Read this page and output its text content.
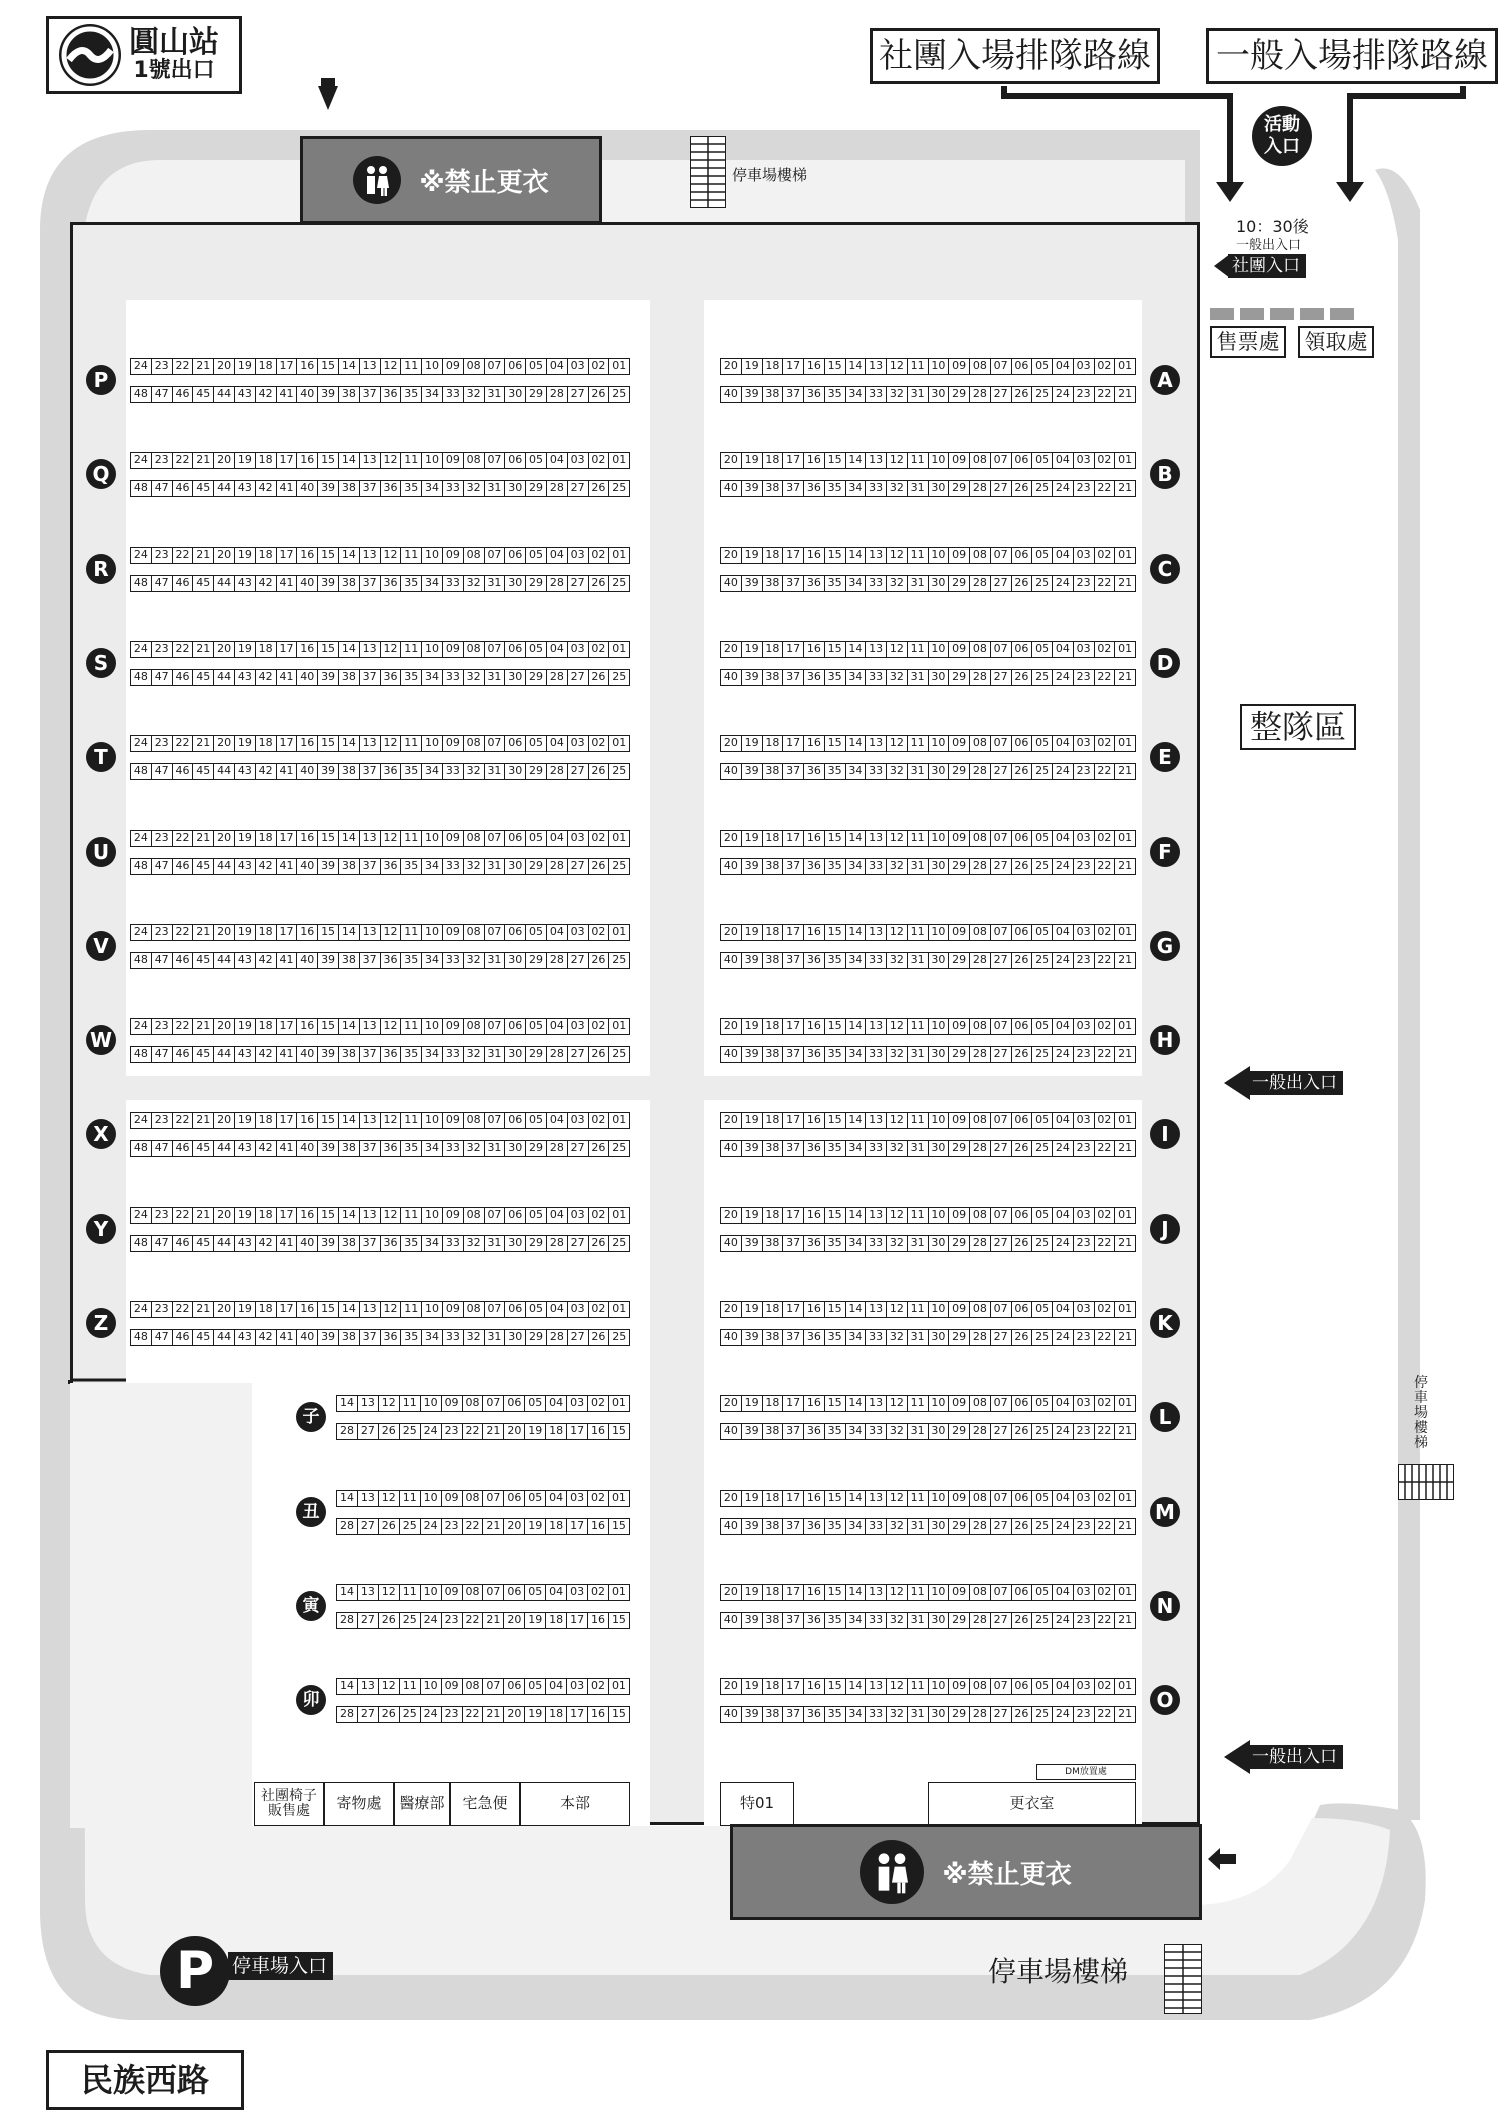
圓山站
1號出口	社團入場排隊路線 一般入場排隊路線
活動
入口
※禁止更衣	停車場樓梯
10：30後
一般出入口
社團入口
售票處	領取處
整隊區
一般出入口
一般出入口
停車場樓梯
P
24 23 22 21 20 19 18 17 16 15 14 13 12 11 10 09 08 07 06 05 04 03 02 01
48 47 46 45 44 43 42 41 40 39 38 37 36 35 34 33 32 31 30 29 28 27 26 25
Q
24 23 22 21 20 19 18 17 16 15 14 13 12 11 10 09 08 07 06 05 04 03 02 01
48 47 46 45 44 43 42 41 40 39 38 37 36 35 34 33 32 31 30 29 28 27 26 25
R
24 23 22 21 20 19 18 17 16 15 14 13 12 11 10 09 08 07 06 05 04 03 02 01
48 47 46 45 44 43 42 41 40 39 38 37 36 35 34 33 32 31 30 29 28 27 26 25
S
24 23 22 21 20 19 18 17 16 15 14 13 12 11 10 09 08 07 06 05 04 03 02 01
48 47 46 45 44 43 42 41 40 39 38 37 36 35 34 33 32 31 30 29 28 27 26 25
T
24 23 22 21 20 19 18 17 16 15 14 13 12 11 10 09 08 07 06 05 04 03 02 01
48 47 46 45 44 43 42 41 40 39 38 37 36 35 34 33 32 31 30 29 28 27 26 25
U
24 23 22 21 20 19 18 17 16 15 14 13 12 11 10 09 08 07 06 05 04 03 02 01
48 47 46 45 44 43 42 41 40 39 38 37 36 35 34 33 32 31 30 29 28 27 26 25
V
24 23 22 21 20 19 18 17 16 15 14 13 12 11 10 09 08 07 06 05 04 03 02 01
48 47 46 45 44 43 42 41 40 39 38 37 36 35 34 33 32 31 30 29 28 27 26 25
W
24 23 22 21 20 19 18 17 16 15 14 13 12 11 10 09 08 07 06 05 04 03 02 01
48 47 46 45 44 43 42 41 40 39 38 37 36 35 34 33 32 31 30 29 28 27 26 25
X
24 23 22 21 20 19 18 17 16 15 14 13 12 11 10 09 08 07 06 05 04 03 02 01
48 47 46 45 44 43 42 41 40 39 38 37 36 35 34 33 32 31 30 29 28 27 26 25
Y
24 23 22 21 20 19 18 17 16 15 14 13 12 11 10 09 08 07 06 05 04 03 02 01
48 47 46 45 44 43 42 41 40 39 38 37 36 35 34 33 32 31 30 29 28 27 26 25
Z
24 23 22 21 20 19 18 17 16 15 14 13 12 11 10 09 08 07 06 05 04 03 02 01
48 47 46 45 44 43 42 41 40 39 38 37 36 35 34 33 32 31 30 29 28 27 26 25
A
20 19 18 17 16 15 14 13 12 11 10 09 08 07 06 05 04 03 02 01
40 39 38 37 36 35 34 33 32 31 30 29 28 27 26 25 24 23 22 21
B
20 19 18 17 16 15 14 13 12 11 10 09 08 07 06 05 04 03 02 01
40 39 38 37 36 35 34 33 32 31 30 29 28 27 26 25 24 23 22 21
C
20 19 18 17 16 15 14 13 12 11 10 09 08 07 06 05 04 03 02 01
40 39 38 37 36 35 34 33 32 31 30 29 28 27 26 25 24 23 22 21
D
20 19 18 17 16 15 14 13 12 11 10 09 08 07 06 05 04 03 02 01
40 39 38 37 36 35 34 33 32 31 30 29 28 27 26 25 24 23 22 21
E
20 19 18 17 16 15 14 13 12 11 10 09 08 07 06 05 04 03 02 01
40 39 38 37 36 35 34 33 32 31 30 29 28 27 26 25 24 23 22 21
F
20 19 18 17 16 15 14 13 12 11 10 09 08 07 06 05 04 03 02 01
40 39 38 37 36 35 34 33 32 31 30 29 28 27 26 25 24 23 22 21
G
20 19 18 17 16 15 14 13 12 11 10 09 08 07 06 05 04 03 02 01
40 39 38 37 36 35 34 33 32 31 30 29 28 27 26 25 24 23 22 21
H
20 19 18 17 16 15 14 13 12 11 10 09 08 07 06 05 04 03 02 01
40 39 38 37 36 35 34 33 32 31 30 29 28 27 26 25 24 23 22 21
I
20 19 18 17 16 15 14 13 12 11 10 09 08 07 06 05 04 03 02 01
40 39 38 37 36 35 34 33 32 31 30 29 28 27 26 25 24 23 22 21
J
20 19 18 17 16 15 14 13 12 11 10 09 08 07 06 05 04 03 02 01
40 39 38 37 36 35 34 33 32 31 30 29 28 27 26 25 24 23 22 21
K
20 19 18 17 16 15 14 13 12 11 10 09 08 07 06 05 04 03 02 01
40 39 38 37 36 35 34 33 32 31 30 29 28 27 26 25 24 23 22 21
L
20 19 18 17 16 15 14 13 12 11 10 09 08 07 06 05 04 03 02 01
40 39 38 37 36 35 34 33 32 31 30 29 28 27 26 25 24 23 22 21
M
20 19 18 17 16 15 14 13 12 11 10 09 08 07 06 05 04 03 02 01
40 39 38 37 36 35 34 33 32 31 30 29 28 27 26 25 24 23 22 21
N
20 19 18 17 16 15 14 13 12 11 10 09 08 07 06 05 04 03 02 01
40 39 38 37 36 35 34 33 32 31 30 29 28 27 26 25 24 23 22 21
O
20 19 18 17 16 15 14 13 12 11 10 09 08 07 06 05 04 03 02 01
40 39 38 37 36 35 34 33 32 31 30 29 28 27 26 25 24 23 22 21
子
14 13 12 11 10 09 08 07 06 05 04 03 02 01
28 27 26 25 24 23 22 21 20 19 18 17 16 15
丑
14 13 12 11 10 09 08 07 06 05 04 03 02 01
28 27 26 25 24 23 22 21 20 19 18 17 16 15
寅
14 13 12 11 10 09 08 07 06 05 04 03 02 01
28 27 26 25 24 23 22 21 20 19 18 17 16 15
卯
14 13 12 11 10 09 08 07 06 05 04 03 02 01
28 27 26 25 24 23 22 21 20 19 18 17 16 15
社團椅子
販售處	寄物處	醫療部	宅急便	本部	特01	更衣室
DM放置處
※禁止更衣
P 停車場入口	停車場樓梯
民族西路
